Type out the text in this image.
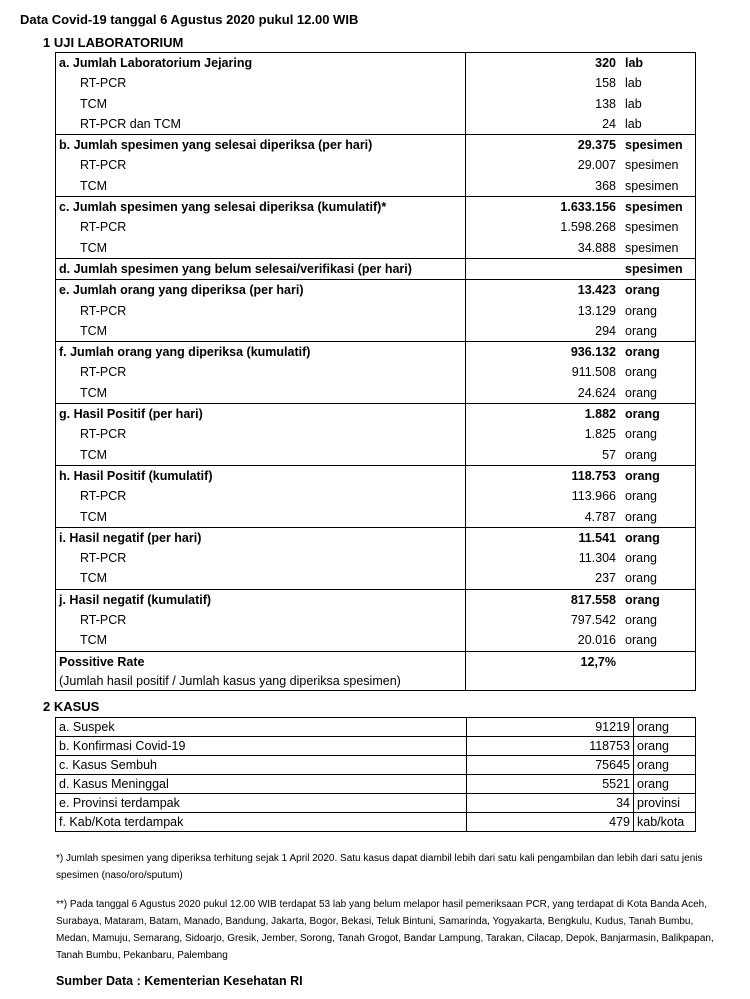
Data Covid-19 tanggal 6 Agustus 2020 pukul 12.00 WIB
1 UJI LABORATORIUM
a. Jumlah Laboratorium Jejaring	320 lab
RT-PCR	158 lab
TCM	138 lab
RT-PCR dan TCM	24 lab
b. Jumlah spesimen yang selesai diperiksa (per hari)	29.375 spesimen
RT-PCR	29.007 spesimen
TCM	368 spesimen
c. Jumlah spesimen yang selesai diperiksa (kumulatif)*	1.633.156 spesimen
RT-PCR	1.598.268 spesimen
TCM	34.888 spesimen
d. Jumlah spesimen yang belum selesai/verifikasi (per hari)	spesimen
e. Jumlah orang yang diperiksa (per hari)	13.423 orang
RT-PCR	13.129 orang
TCM	294 orang
f. Jumlah orang yang diperiksa (kumulatif)	936.132 orang
RT-PCR	911.508 orang
TCM	24.624 orang
g. Hasil Positif (per hari)	1.882 orang
RT-PCR	1.825 orang
TCM	57 orang
h. Hasil Positif (kumulatif)	118.753 orang
RT-PCR	113.966 orang
TCM	4.787 orang
i. Hasil negatif (per hari)	11.541 orang
RT-PCR	11.304 orang
TCM	237 orang
j. Hasil negatif (kumulatif)	817.558 orang
RT-PCR	797.542 orang
TCM	20.016 orang
Possitive Rate	12,7%
(Jumlah hasil positif / Jumlah kasus yang diperiksa spesimen)
2 KASUS
a. Suspek	91219	orang
b. Konfirmasi Covid-19	118753	orang
c. Kasus Sembuh	75645	orang
d. Kasus Meninggal	5521	orang
e. Provinsi terdampak	34	provinsi
f. Kab/Kota terdampak	479	kab/kota
*) Jumlah spesimen yang diperiksa terhitung sejak 1 April 2020. Satu kasus dapat diambil lebih dari satu kali pengambilan dan lebih dari satu jenis spesimen (naso/oro/sputum)
**) Pada tanggal 6 Agustus 2020 pukul 12.00 WIB terdapat 53 lab yang belum melapor hasil pemeriksaan PCR, yang terdapat di Kota Banda Aceh, Surabaya, Mataram, Batam, Manado, Bandung, Jakarta, Bogor, Bekasi, Teluk Bintuni, Samarinda, Yogyakarta, Bengkulu, Kudus, Tanah Bumbu, Medan, Mamuju, Semarang, Sidoarjo, Gresik, Jember, Sorong, Tanah Grogot, Bandar Lampung, Tarakan, Cilacap, Depok, Banjarmasin, Balikpapan, Tanah Bumbu, Pekanbaru, Palembang
Sumber Data : Kementerian Kesehatan RI
